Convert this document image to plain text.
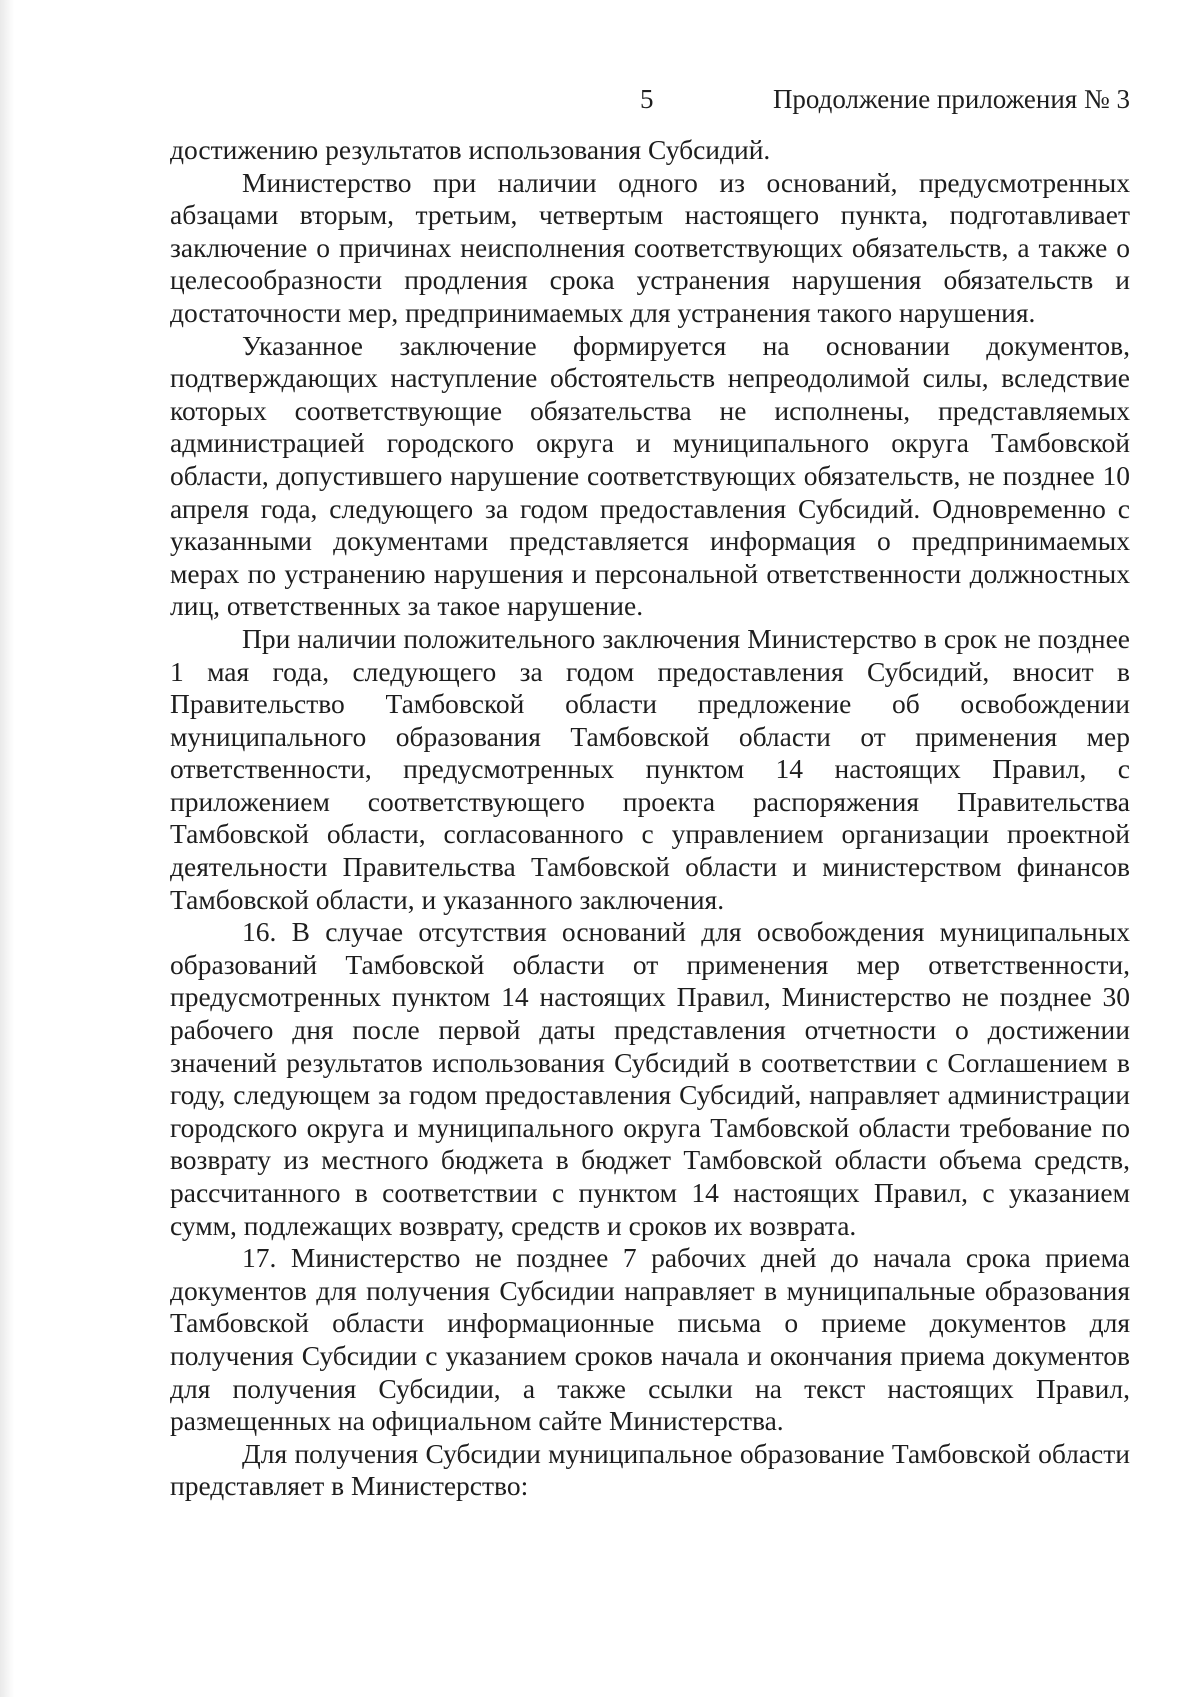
5	Продолжение приложения № 3

достижению результатов использования Субсидий.

Министерство при наличии одного из оснований, предусмотренных абзацами вторым, третьим, четвертым настоящего пункта, подготавливает заключение о причинах неисполнения соответствующих обязательств, а также о целесообразности продления срока устранения нарушения обязательств и достаточности мер, предпринимаемых для устранения такого нарушения.

Указанное заключение формируется на основании документов, подтверждающих наступление обстоятельств непреодолимой силы, вследствие которых соответствующие обязательства не исполнены, представляемых администрацией городского округа и муниципального округа Тамбовской области, допустившего нарушение соответствующих обязательств, не позднее 10 апреля года, следующего за годом предоставления Субсидий. Одновременно с указанными документами представляется информация о предпринимаемых мерах по устранению нарушения и персональной ответственности должностных лиц, ответственных за такое нарушение.

При наличии положительного заключения Министерство в срок не позднее 1 мая года, следующего за годом предоставления Субсидий, вносит в Правительство Тамбовской области предложение об освобождении муниципального образования Тамбовской области от применения мер ответственности, предусмотренных пунктом 14 настоящих Правил, с приложением соответствующего проекта распоряжения Правительства Тамбовской области, согласованного с управлением организации проектной деятельности Правительства Тамбовской области и министерством финансов Тамбовской области, и указанного заключения.

16. В случае отсутствия оснований для освобождения муниципальных образований Тамбовской области от применения мер ответственности, предусмотренных пунктом 14 настоящих Правил, Министерство не позднее 30 рабочего дня после первой даты представления отчетности о достижении значений результатов использования Субсидий в соответствии с Соглашением в году, следующем за годом предоставления Субсидий, направляет администрации городского округа и муниципального округа Тамбовской области требование по возврату из местного бюджета в бюджет Тамбовской области объема средств, рассчитанного в соответствии с пунктом 14 настоящих Правил, с указанием сумм, подлежащих возврату, средств и сроков их возврата.

17. Министерство не позднее 7 рабочих дней до начала срока приема документов для получения Субсидии направляет в муниципальные образования Тамбовской области информационные письма о приеме документов для получения Субсидии с указанием сроков начала и окончания приема документов для получения Субсидии, а также ссылки на текст настоящих Правил, размещенных на официальном сайте Министерства.

Для получения Субсидии муниципальное образование Тамбовской области представляет в Министерство:
